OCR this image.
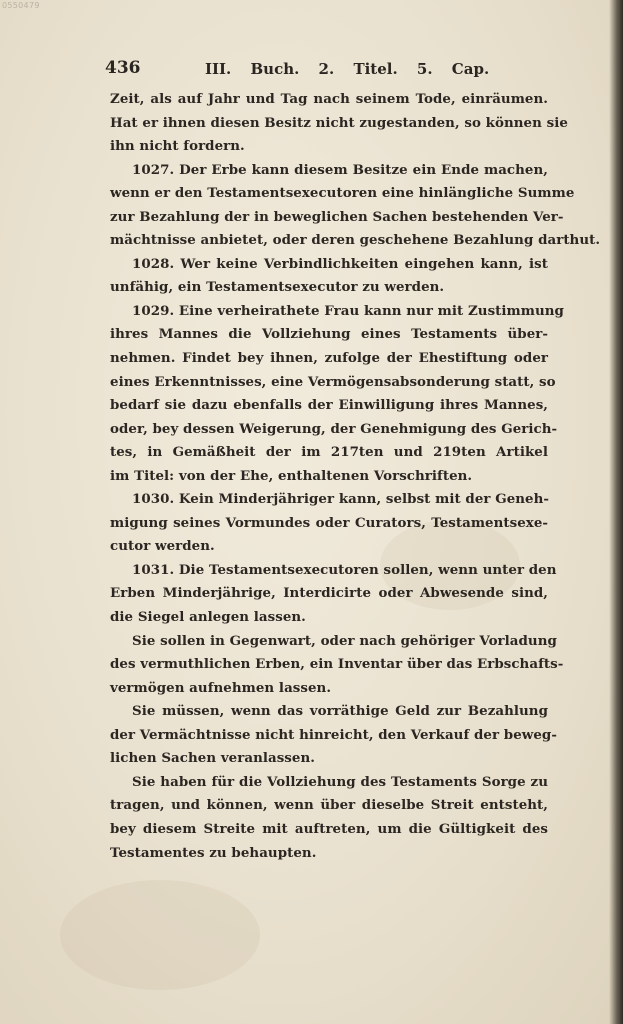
0550479
436	III. Buch. 2. Titel. 5. Cap.
Zeit, als auf Jahr und Tag nach seinem Tode, einräumen.
Hat er ihnen diesen Besitz nicht zugestanden, so können sie
ihn nicht fordern.
1027. Der Erbe kann diesem Besitze ein Ende machen,
wenn er den Testamentsexecutoren eine hinlängliche Summe
zur Bezahlung der in beweglichen Sachen bestehenden Ver-
mächtnisse anbietet, oder deren geschehene Bezahlung darthut.
1028. Wer keine Verbindlichkeiten eingehen kann, ist
unfähig, ein Testamentsexecutor zu werden.
1029. Eine verheirathete Frau kann nur mit Zustimmung
ihres Mannes die Vollziehung eines Testaments über-
nehmen. Findet bey ihnen, zufolge der Ehestiftung oder
eines Erkenntnisses, eine Vermögensabsonderung statt, so
bedarf sie dazu ebenfalls der Einwilligung ihres Mannes,
oder, bey dessen Weigerung, der Genehmigung des Gerich-
tes, in Gemäßheit der im 217ten und 219ten Artikel
im Titel: von der Ehe, enthaltenen Vorschriften.
1030. Kein Minderjähriger kann, selbst mit der Geneh-
migung seines Vormundes oder Curators, Testamentsexe-
cutor werden.
1031. Die Testamentsexecutoren sollen, wenn unter den
Erben Minderjährige, Interdicirte oder Abwesende sind,
die Siegel anlegen lassen.
Sie sollen in Gegenwart, oder nach gehöriger Vorladung
des vermuthlichen Erben, ein Inventar über das Erbschafts-
vermögen aufnehmen lassen.
Sie müssen, wenn das vorräthige Geld zur Bezahlung
der Vermächtnisse nicht hinreicht, den Verkauf der beweg-
lichen Sachen veranlassen.
Sie haben für die Vollziehung des Testaments Sorge zu
tragen, und können, wenn über dieselbe Streit entsteht,
bey diesem Streite mit auftreten, um die Gültigkeit des
Testamentes zu behaupten.
